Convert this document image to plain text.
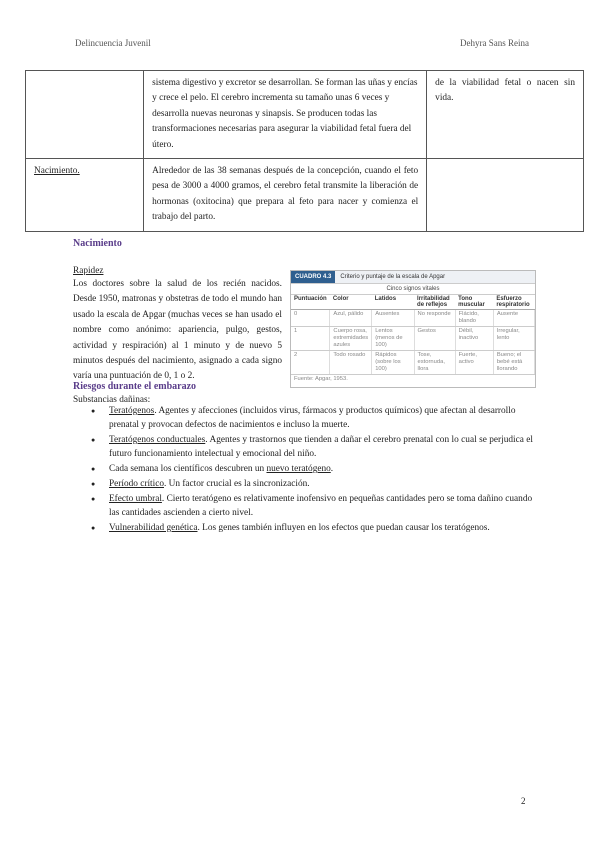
Delincuencia Juvenil	Dehyra Sans Reina
	sistema digestivo y excretor se desarrollan. Se forman las uñas y encías y crece el pelo. El cerebro incrementa su tamaño unas 6 veces y desarrolla nuevas neuronas y sinapsis. Se producen todas las transformaciones necesarias para asegurar la viabilidad fetal fuera del útero.	de la viabilidad fetal o nacen sin vida.
Nacimiento.	Alrededor de las 38 semanas después de la concepción, cuando el feto pesa de 3000 a 4000 gramos, el cerebro fetal transmite la liberación de hormonas (oxitocina) que prepara al feto para nacer y comienza el trabajo del parto.	
Nacimiento
Rapidez
Los doctores sobre la salud de los recién nacidos. Desde 1950, matronas y obstetras de todo el mundo han usado la escala de Apgar (muchas veces se han usado el nombre como anónimo: apariencia, pulgo, gestos, actividad y respiración) al 1 minuto y de nuevo 5 minutos después del nacimiento, asignado a cada signo varía una puntuación de 0, 1 o 2.
CUADRO 4.3	Criterio y puntaje de la escala de Apgar
Cinco signos vitales
Puntuación	Color	Latidos	Irritabilidad de reflejos	Tono muscular	Esfuerzo respiratorio
0	Azul, pálido	Ausentes	No responde	Flácido, blando	Ausente
1	Cuerpo rosa, extremidades azules	Lentos (menos de 100)	Gestos	Débil, inactivo	Irregular, lento
2	Todo rosado	Rápidos (sobre los 100)	Tose, estornuda, llora	Fuerte, activo	Bueno; el bebé está llorando
Fuente: Apgar, 1953.
Riesgos durante el embarazo
Substancias dañinas:
● Teratógenos. Agentes y afecciones (incluidos virus, fármacos y productos químicos) que afectan al desarrollo prenatal y provocan defectos de nacimientos e incluso la muerte.
● Teratógenos conductuales. Agentes y trastornos que tienden a dañar el cerebro prenatal con lo cual se perjudica el futuro funcionamiento intelectual y emocional del niño.
● Cada semana los científicos descubren un nuevo teratógeno.
● Período crítico. Un factor crucial es la sincronización.
● Efecto umbral. Cierto teratógeno es relativamente inofensivo en pequeñas cantidades pero se toma dañino cuando las cantidades ascienden a cierto nivel.
● Vulnerabilidad genética. Los genes también influyen en los efectos que puedan causar los teratógenos.
2
